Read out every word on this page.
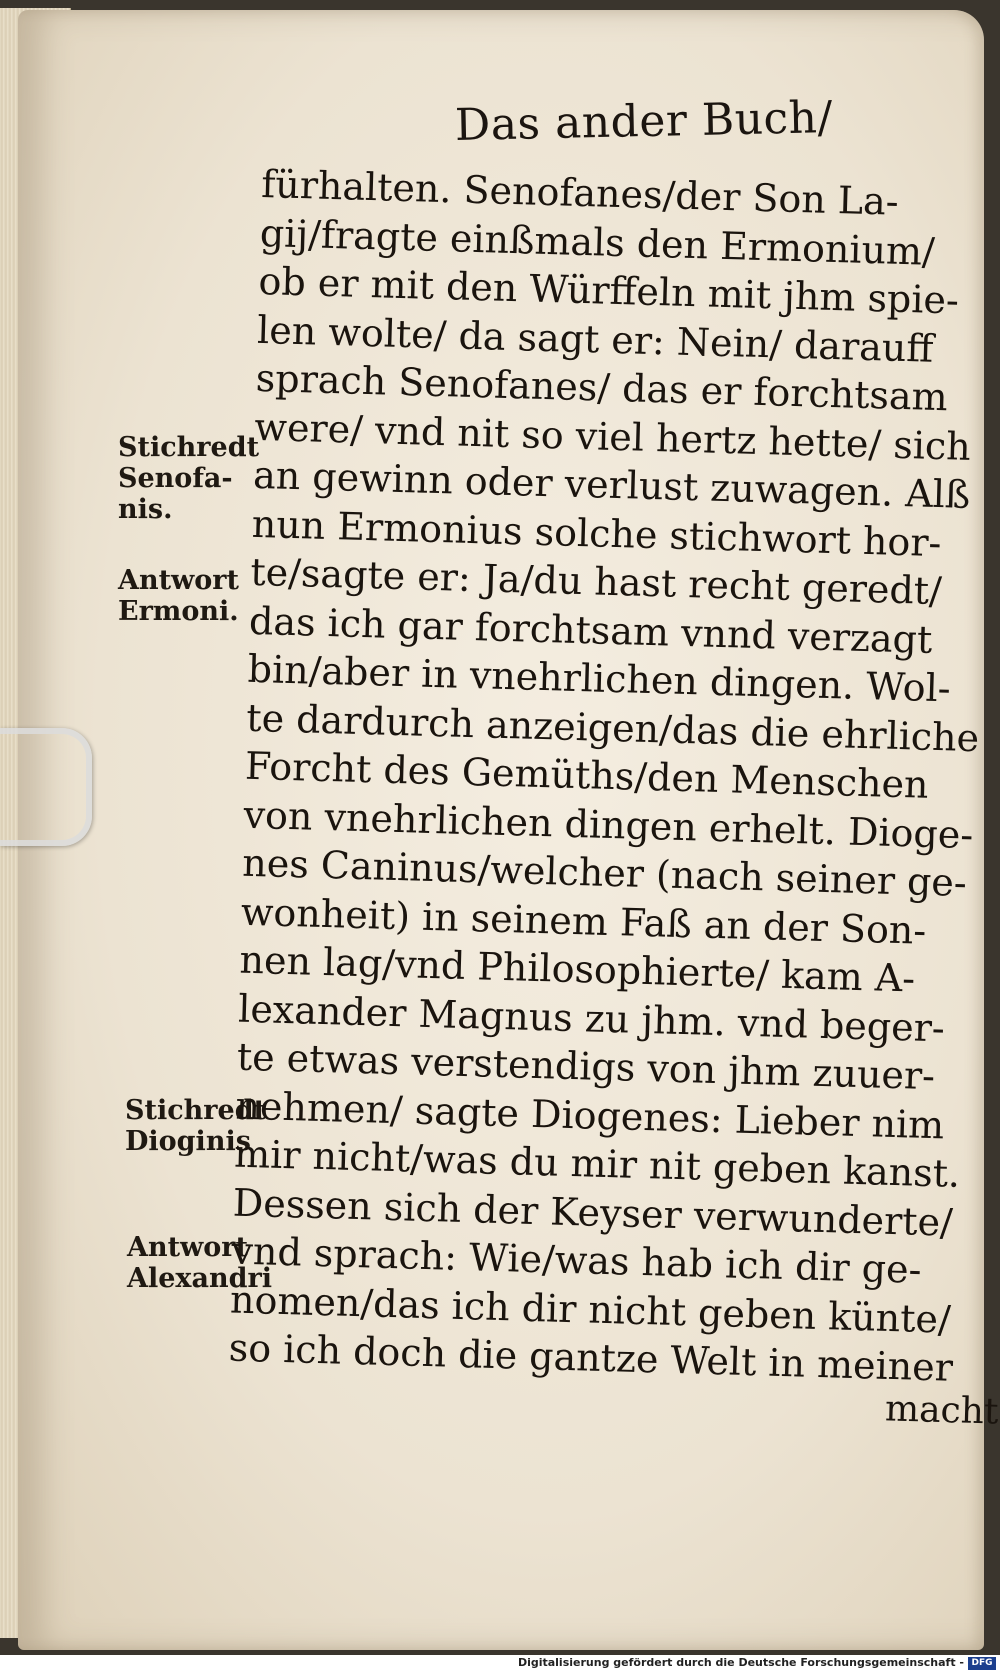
Das ander Buch/
Stichredt
Senofa-
nis.
Antwort
Ermoni.
Stichredt
Dioginis
Antwort
Alexandri
fürhalten. Senofanes/der Son La-
gij/fragte einßmals den Ermonium/
ob er mit den Würffeln mit jhm spie-
len wolte/ da sagt er: Nein/ darauff
sprach Senofanes/ das er forchtsam
were/ vnd nit so viel hertz hette/ sich
an gewinn oder verlust zuwagen. Alß
nun Ermonius solche stichwort hor-
te/sagte er: Ja/du hast recht geredt/
das ich gar forchtsam vnnd verzagt
bin/aber in vnehrlichen dingen. Wol-
te dardurch anzeigen/das die ehrliche
Forcht des Gemüths/den Menschen
von vnehrlichen dingen erhelt. Dioge-
nes Caninus/welcher (nach seiner ge-
wonheit) in seinem Faß an der Son-
nen lag/vnd Philosophierte/ kam A-
lexander Magnus zu jhm. vnd beger-
te etwas verstendigs von jhm zuuer-
nehmen/ sagte Diogenes: Lieber nim
mir nicht/was du mir nit geben kanst.
Dessen sich der Keyser verwunderte/
vnd sprach: Wie/was hab ich dir ge-
nomen/das ich dir nicht geben künte/
so ich doch die gantze Welt in meiner
macht
Digitalisierung gefördert durch die Deutsche Forschungsgemeinschaft - DFG
